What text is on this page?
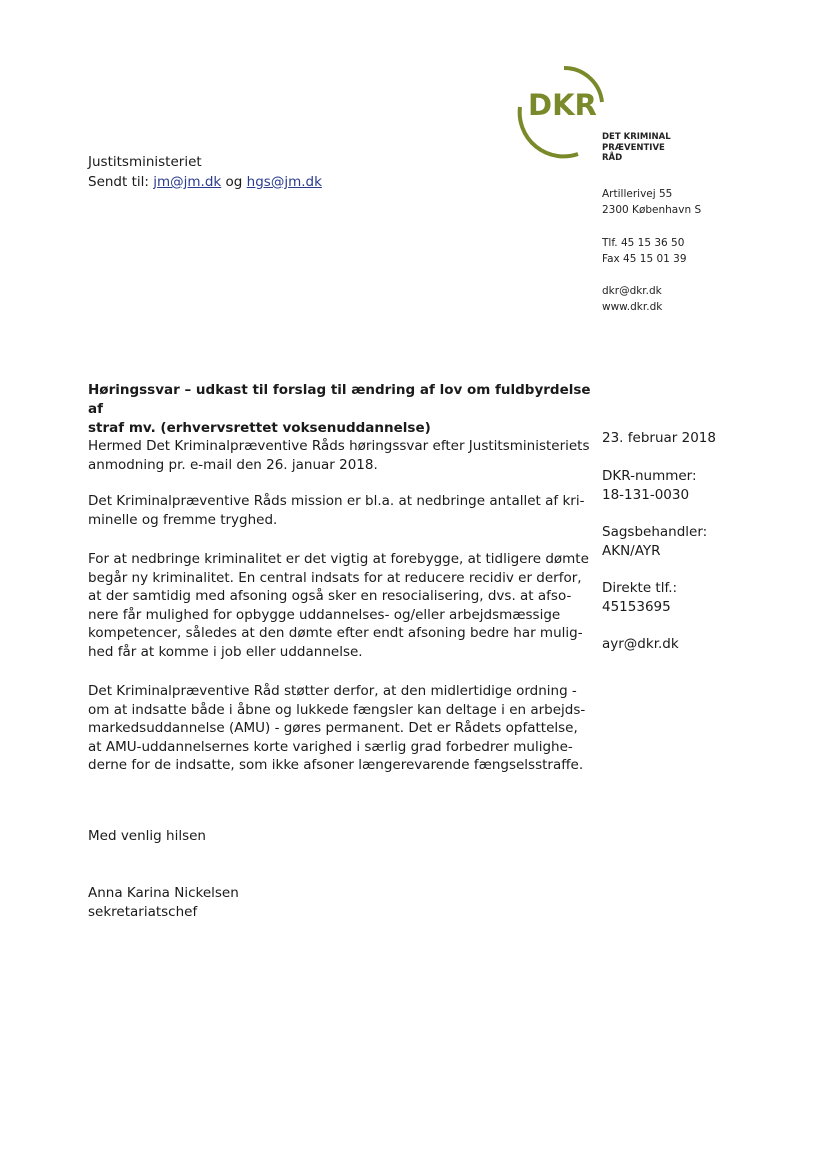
DKR
DET KRIMINAL
PRÆVENTIVE RÅD
Justitsministeriet
Sendt til: jm@jm.dk og hgs@jm.dk
Artillerivej 55
2300 København S
Tlf. 45 15 36 50
Fax 45 15 01 39
dkr@dkr.dk
www.dkr.dk
Høringssvar – udkast til forslag til ændring af lov om fuldbyrdelse af
straf mv. (erhvervsrettet voksenuddannelse)
Hermed Det Kriminalpræventive Råds høringssvar efter Justitsministeriets
anmodning pr. e-mail den 26. januar 2018.
Det Kriminalpræventive Råds mission er bl.a. at nedbringe antallet af kri-
minelle og fremme tryghed.
For at nedbringe kriminalitet er det vigtig at forebygge, at tidligere dømte
begår ny kriminalitet. En central indsats for at reducere recidiv er derfor,
at der samtidig med afsoning også sker en resocialisering, dvs. at afso-
nere får mulighed for opbygge uddannelses- og/eller arbejdsmæssige
kompetencer, således at den dømte efter endt afsoning bedre har mulig-
hed får at komme i job eller uddannelse.
Det Kriminalpræventive Råd støtter derfor, at den midlertidige ordning -
om at indsatte både i åbne og lukkede fængsler kan deltage i en arbejds-
markedsuddannelse (AMU) - gøres permanent. Det er Rådets opfattelse,
at AMU-uddannelsernes korte varighed i særlig grad forbedrer mulighe-
derne for de indsatte, som ikke afsoner længerevarende fængselsstraffe.
23. februar 2018
DKR-nummer:
18-131-0030
Sagsbehandler:
AKN/AYR
Direkte tlf.:
45153695
ayr@dkr.dk
Med venlig hilsen
Anna Karina Nickelsen
sekretariatschef
